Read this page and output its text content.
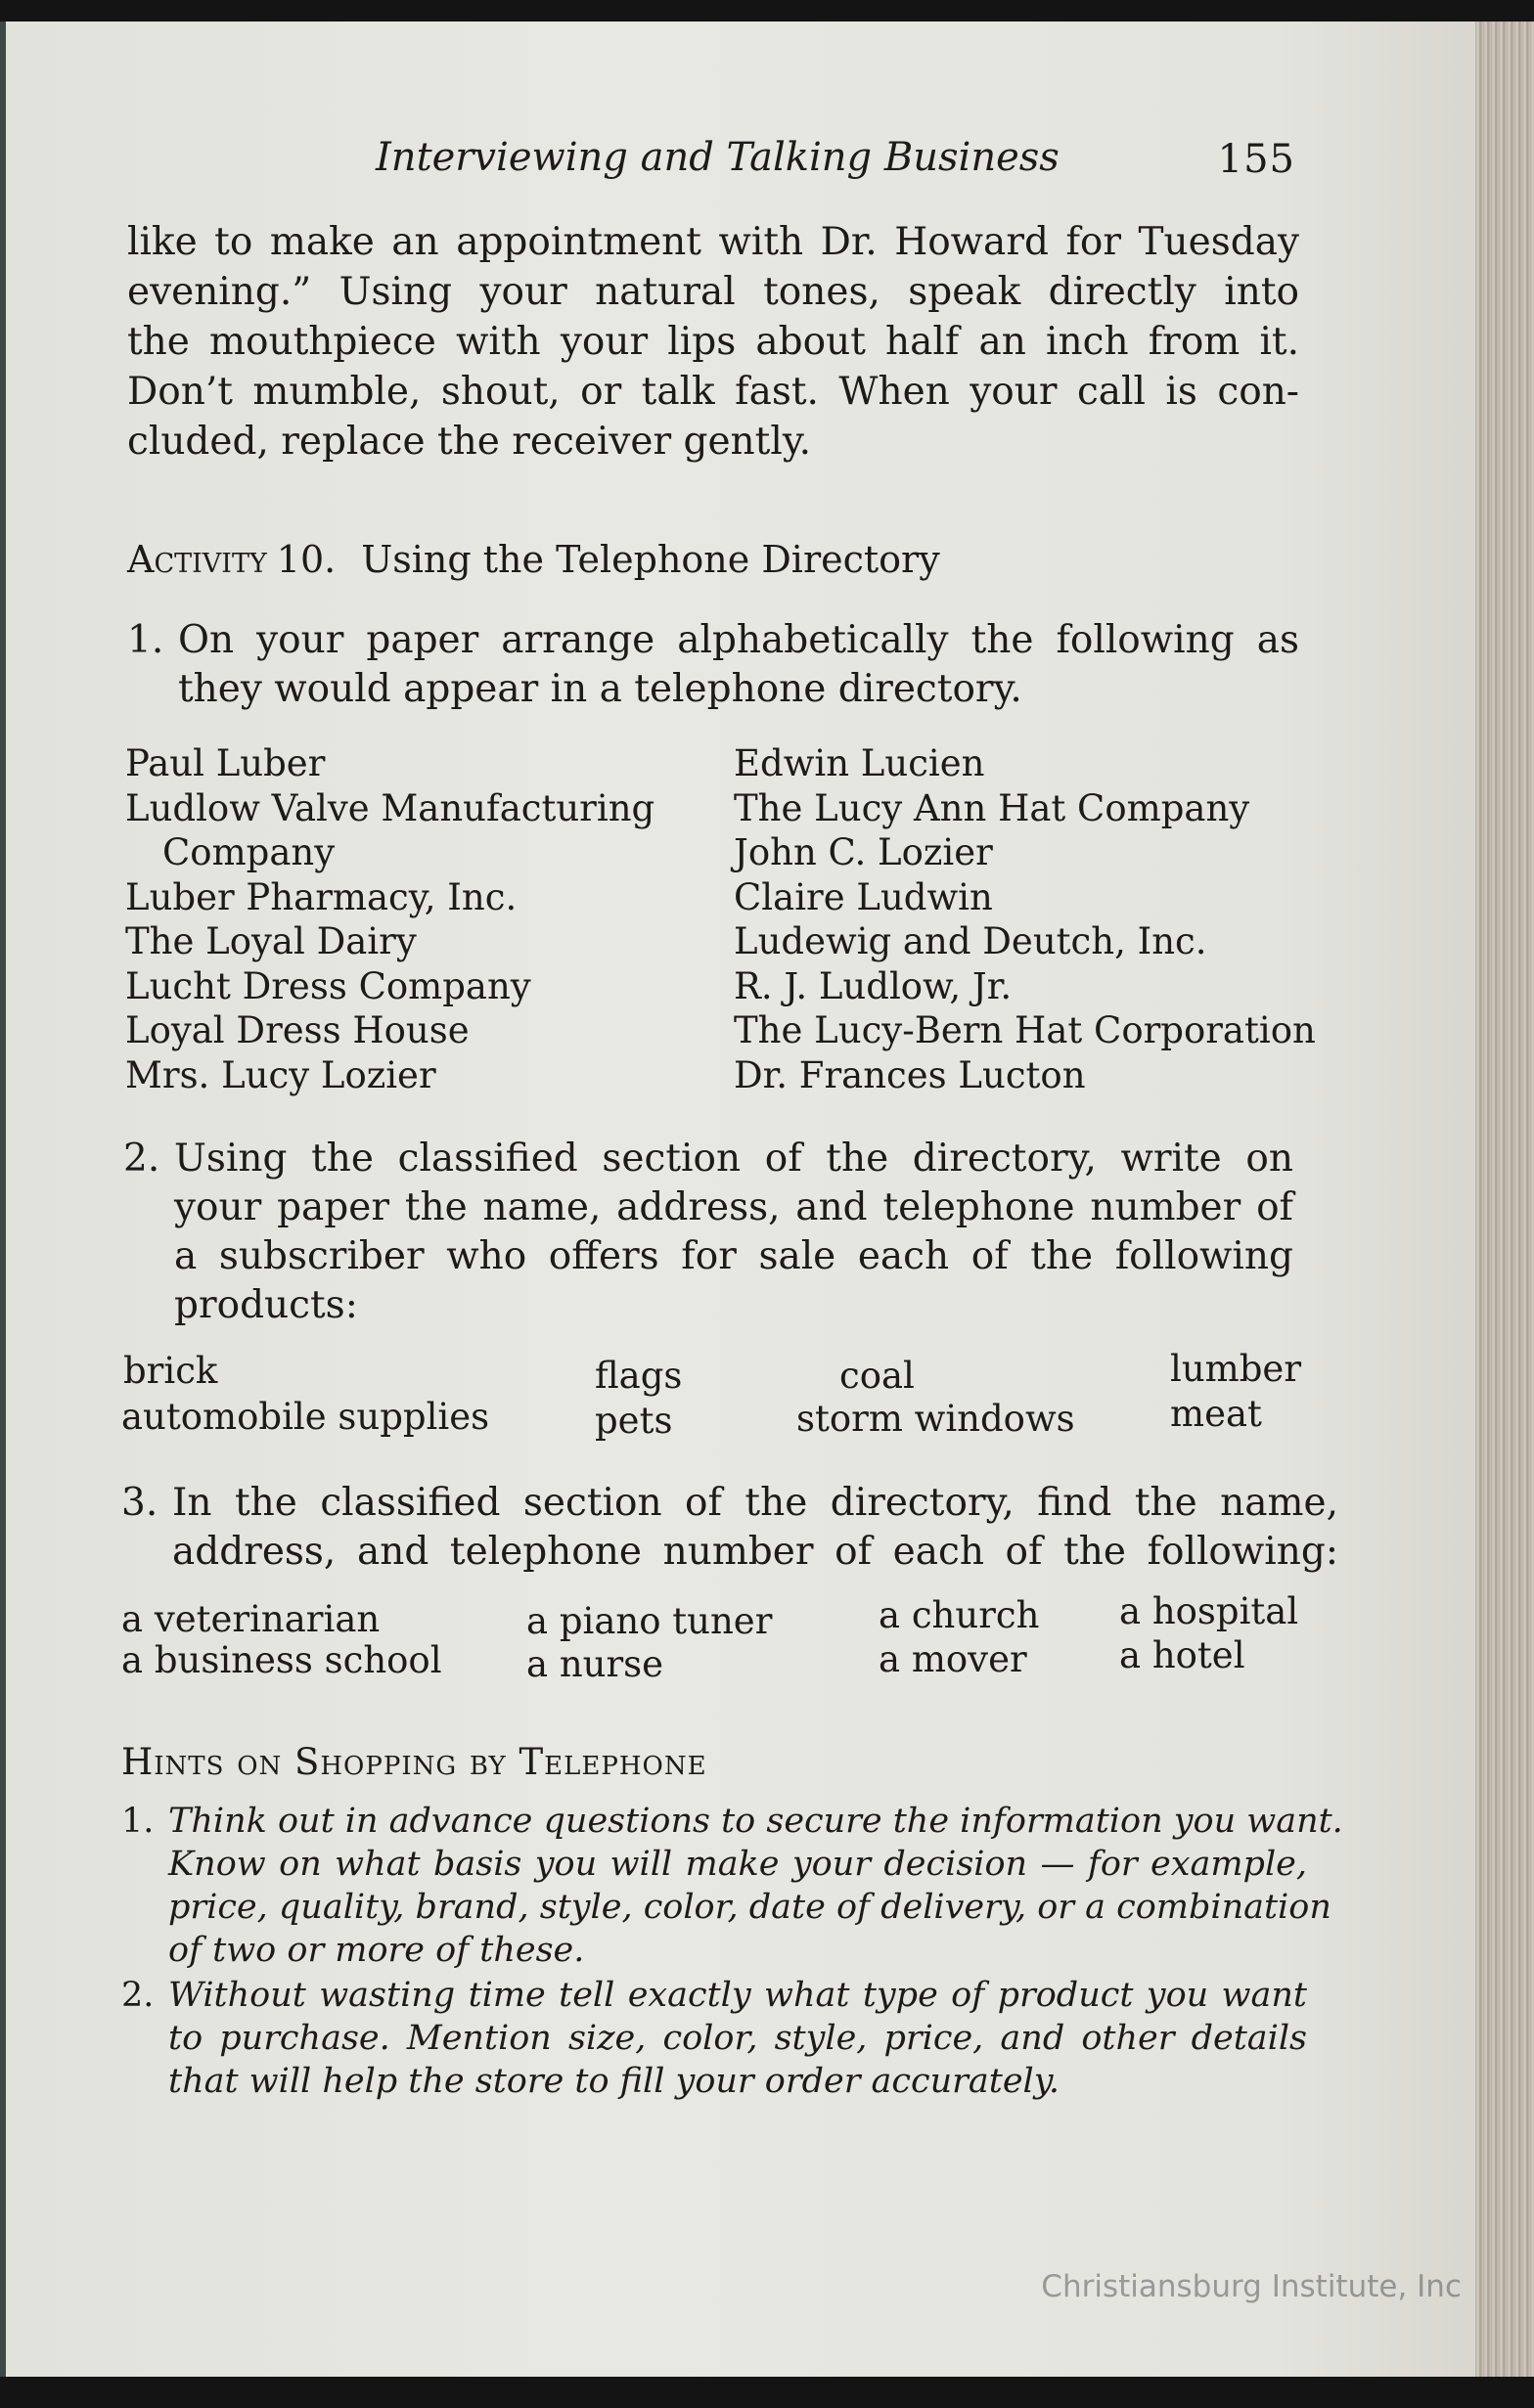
Interviewing and Talking Business	155
like to make an appointment with Dr. Howard for Tuesday
evening.” Using your natural tones, speak directly into
the mouthpiece with your lips about half an inch from it.
Don’t mumble, shout, or talk fast. When your call is con-
cluded, replace the receiver gently.
Activity 10. Using the Telephone Directory
1. On your paper arrange alphabetically the following as
they would appear in a telephone directory.
Paul Luber
Ludlow Valve Manufacturing
Company
Luber Pharmacy, Inc.
The Loyal Dairy
Lucht Dress Company
Loyal Dress House
Mrs. Lucy Lozier
Edwin Lucien
The Lucy Ann Hat Company
John C. Lozier
Claire Ludwin
Ludewig and Deutch, Inc.
R. J. Ludlow, Jr.
The Lucy-Bern Hat Corporation
Dr. Frances Lucton
2. Using the classified section of the directory, write on
your paper the name, address, and telephone number of
a subscriber who offers for sale each of the following
products:
brick	flags	coal	lumber
automobile supplies	pets	storm windows	meat
3. In the classified section of the directory, find the name,
address, and telephone number of each of the following:
a veterinarian	a piano tuner	a church a hospital
a business school a nurse	a mover	a hotel
Hints on Shopping by Telephone
1. Think out in advance questions to secure the information you want.
Know on what basis you will make your decision — for example,
price, quality, brand, style, color, date of delivery, or a combination
of two or more of these.
2. Without wasting time tell exactly what type of product you want
to purchase. Mention size, color, style, price, and other details
that will help the store to fill your order accurately.
Christiansburg Institute, Inc
